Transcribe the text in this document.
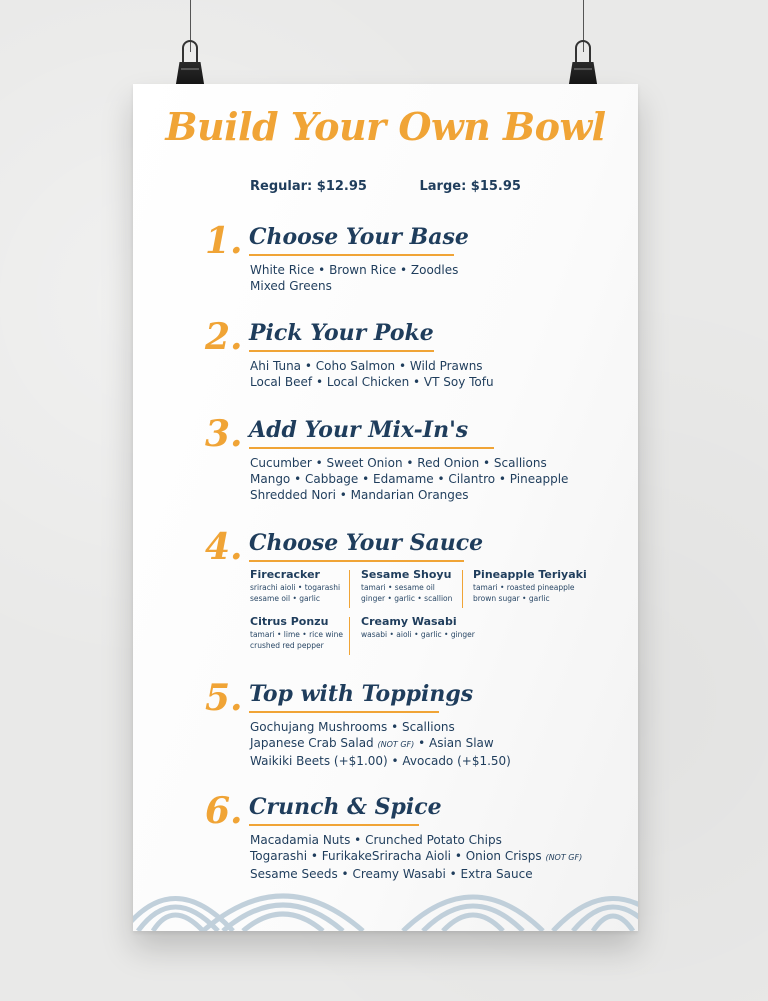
Build Your Own Bowl
Regular: $12.95	Large: $15.95
1. Choose Your Base
White Rice • Brown Rice • Zoodles
Mixed Greens
2. Pick Your Poke
Ahi Tuna • Coho Salmon • Wild Prawns
Local Beef • Local Chicken • VT Soy Tofu
3. Add Your Mix-In's
Cucumber • Sweet Onion • Red Onion • Scallions
Mango • Cabbage • Edamame • Cilantro • Pineapple
Shredded Nori • Mandarian Oranges
4. Choose Your Sauce
Firecracker
srirachi aioli • togarashi
sesame oil • garlic
Sesame Shoyu
tamari • sesame oil
ginger • garlic • scallion
Pineapple Teriyaki
tamari • roasted pineapple
brown sugar • garlic
Citrus Ponzu
tamari • lime • rice wine
crushed red pepper
Creamy Wasabi
wasabi • aioli • garlic • ginger
5. Top with Toppings
Gochujang Mushrooms • Scallions
Japanese Crab Salad (NOT GF) • Asian Slaw
Waikiki Beets (+$1.00) • Avocado (+$1.50)
6. Crunch & Spice
Macadamia Nuts • Crunched Potato Chips
Togarashi • FurikakeSriracha Aioli • Onion Crisps (NOT GF)
Sesame Seeds • Creamy Wasabi • Extra Sauce
